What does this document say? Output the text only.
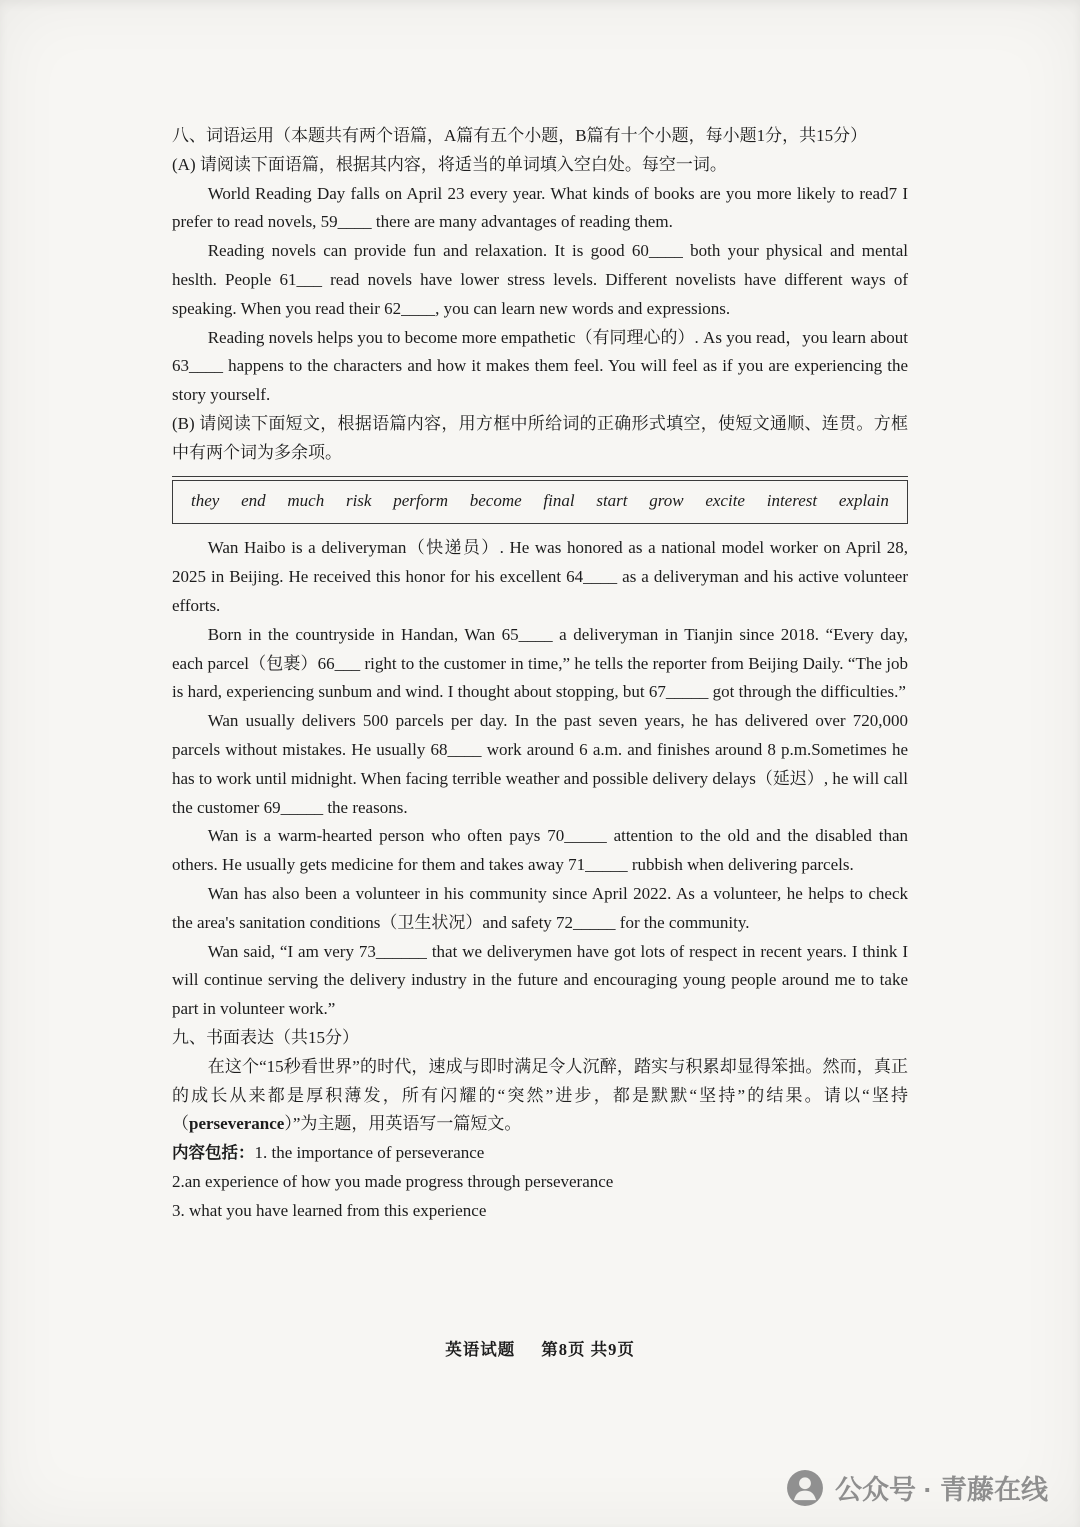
八、词语运用（本题共有两个语篇，A篇有五个小题，B篇有十个小题，每小题1分，共15分）

(A) 请阅读下面语篇，根据其内容，将适当的单词填入空白处。每空一词。

World Reading Day falls on April 23 every year. What kinds of books are you more likely to read7 I prefer to read novels, 59____ there are many advantages of reading them.

Reading novels can provide fun and relaxation. It is good 60____ both your physical and mental heslth. People 61___ read novels have lower stress levels. Different novelists have different ways of speaking. When you read their 62____, you can learn new words and expressions.

Reading novels helps you to become more empathetic（有同理心的）. As you read，you learn about 63____ happens to the characters and how it makes them feel. You will feel as if you are experiencing the story yourself.

(B) 请阅读下面短文，根据语篇内容，用方框中所给词的正确形式填空，使短文通顺、连贯。方框中有两个词为多余项。

they end much risk perform become final start grow excite interest explain

Wan Haibo is a deliveryman（快递员）. He was honored as a national model worker on April 28, 2025 in Beijing. He received this honor for his excellent 64____ as a deliveryman and his active volunteer efforts.

Born in the countryside in Handan, Wan 65____ a deliveryman in Tianjin since 2018. “Every day, each parcel（包裹）66___ right to the customer in time,” he tells the reporter from Beijing Daily. “The job is hard, experiencing sunbum and wind. I thought about stopping, but 67_____ got through the difficulties.”

Wan usually delivers 500 parcels per day. In the past seven years, he has delivered over 720,000 parcels without mistakes. He usually 68____ work around 6 a.m. and finishes around 8 p.m.Sometimes he has to work until midnight. When facing terrible weather and possible delivery delays（延迟）, he will call the customer 69_____ the reasons.

Wan is a warm-hearted person who often pays 70_____ attention to the old and the disabled than others. He usually gets medicine for them and takes away 71_____ rubbish when delivering parcels.

Wan has also been a volunteer in his community since April 2022. As a volunteer, he helps to check the area's sanitation conditions（卫生状况）and safety 72_____ for the community.

Wan said, “I am very 73______ that we deliverymen have got lots of respect in recent years. I think I will continue serving the delivery industry in the future and encouraging young people around me to take part in volunteer work.”

九、书面表达（共15分）

在这个“15秒看世界”的时代，速成与即时满足令人沉醉，踏实与积累却显得笨拙。然而，真正的成长从来都是厚积薄发，所有闪耀的“突然”进步，都是默默“坚持”的结果。请以“坚持（perseverance）”为主题，用英语写一篇短文。

内容包括：1. the importance of perseverance

2.an experience of how you made progress through perseverance

3. what you have learned from this experience

英语试题 第8页 共9页
公众号 · 青藤在线
